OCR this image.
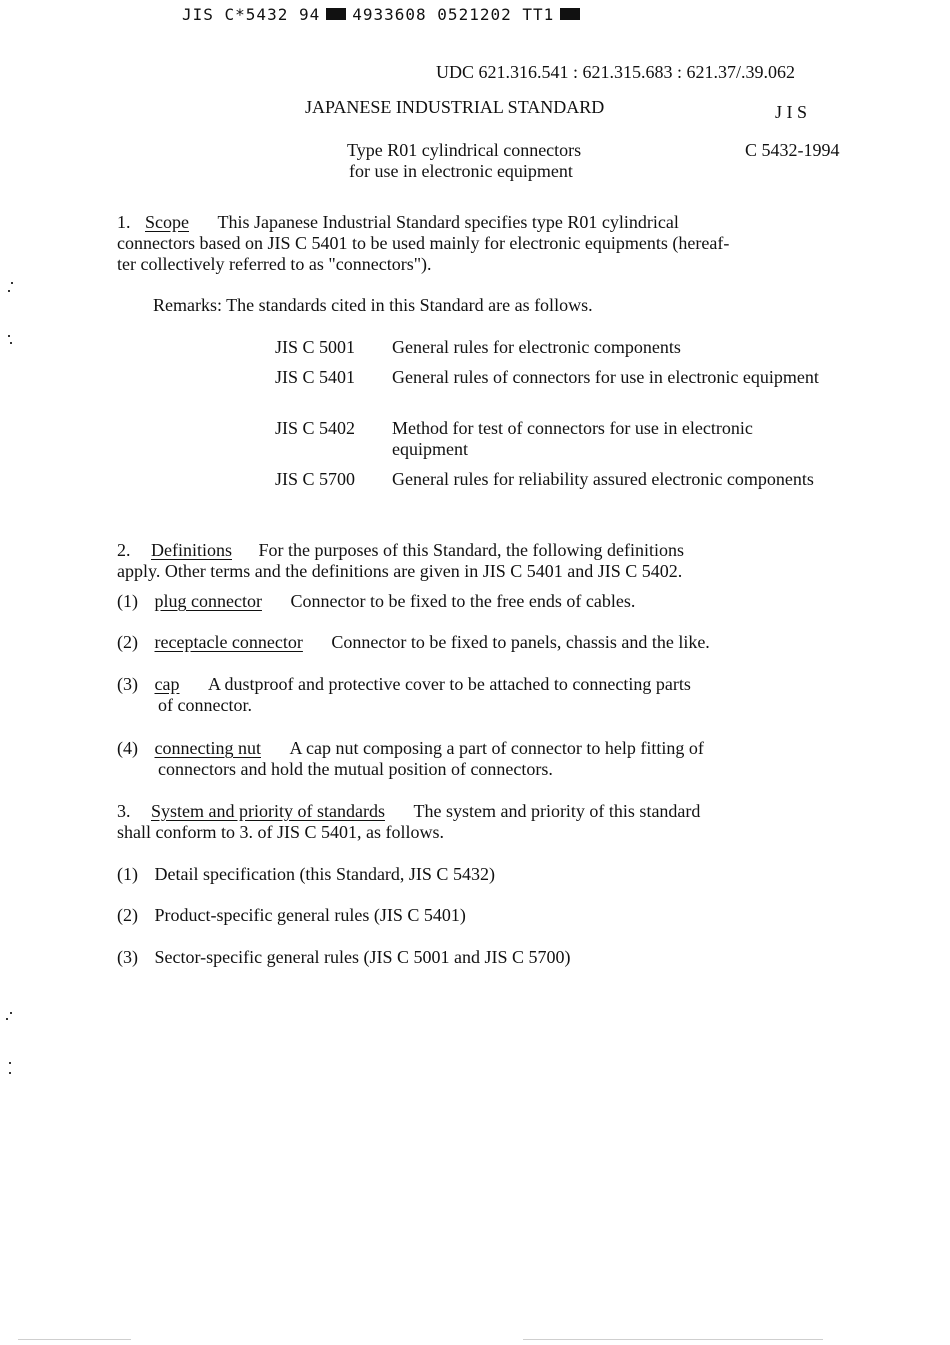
JIS C*5432 94 4933608 0521202 TT1
UDC 621.316.541 : 621.315.683 : 621.37/.39.062
JAPANESE INDUSTRIAL STANDARD	J I S
Type R01 cylindrical connectors
for use in electronic equipment
C 5432-1994
1. Scope This Japanese Industrial Standard specifies type R01 cylindrical
connectors based on JIS C 5401 to be used mainly for electronic equipments (hereaf-
ter collectively referred to as "connectors").
Remarks: The standards cited in this Standard are as follows.
JIS C 5001 General rules for electronic components
JIS C 5401 General rules of connectors for use in electronic equipment
JIS C 5402 Method for test of connectors for use in electronic equipment
JIS C 5700 General rules for reliability assured electronic components
2. Definitions For the purposes of this Standard, the following definitions
apply. Other terms and the definitions are given in JIS C 5401 and JIS C 5402.
(1) plug connector Connector to be fixed to the free ends of cables.
(2) receptacle connector Connector to be fixed to panels, chassis and the like.
(3) cap A dustproof and protective cover to be attached to connecting parts
of connector.
(4) connecting nut A cap nut composing a part of connector to help fitting of
connectors and hold the mutual position of connectors.
3. System and priority of standards The system and priority of this standard
shall conform to 3. of JIS C 5401, as follows.
(1) Detail specification (this Standard, JIS C 5432)
(2) Product-specific general rules (JIS C 5401)
(3) Sector-specific general rules (JIS C 5001 and JIS C 5700)
